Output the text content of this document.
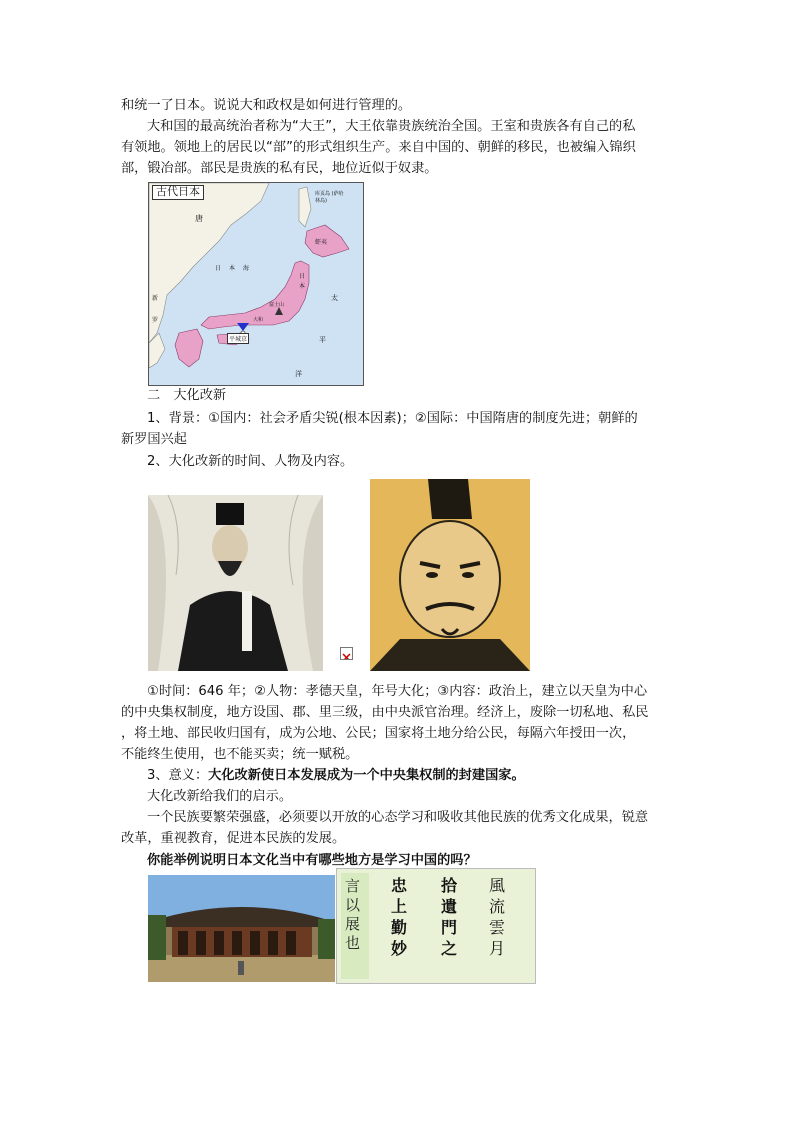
和统一了日本。说说大和政权是如何进行管理的。
大和国的最高统治者称为“大王”，大王依靠贵族统治全国。王室和贵族各有自己的私
有领地。领地上的居民以“部”的形式组织生产。来自中国的、朝鲜的移民，也被编入锦织
部，锻冶部。部民是贵族的私有民，地位近似于奴隶。
古代日本
唐
日 本 海
新
罗
虾夷
日
本
太
平
洋
平城京
大和
富士山
库页岛 (萨哈林岛)
二　大化改新
1、背景：①国内：社会矛盾尖锐(根本因素)；②国际：中国隋唐的制度先进；朝鲜的
新罗国兴起
2、大化改新的时间、人物及内容。
①时间：646 年；②人物：孝德天皇，年号大化；③内容：政治上，建立以天皇为中心
的中央集权制度，地方设国、郡、里三级，由中央派官治理。经济上，废除一切私地、私民
，将土地、部民收归国有，成为公地、公民；国家将土地分给公民，每隔六年授田一次，
不能终生使用，也不能买卖；统一赋税。
3、意义：大化改新使日本发展成为一个中央集权制的封建国家。
大化改新给我们的启示。
一个民族要繁荣强盛，必须要以开放的心态学习和吸收其他民族的优秀文化成果，锐意
改革，重视教育，促进本民族的发展。
你能举例说明日本文化当中有哪些地方是学习中国的吗？
言以展也
忠上勤妙
拾遺門之
風流雲月
